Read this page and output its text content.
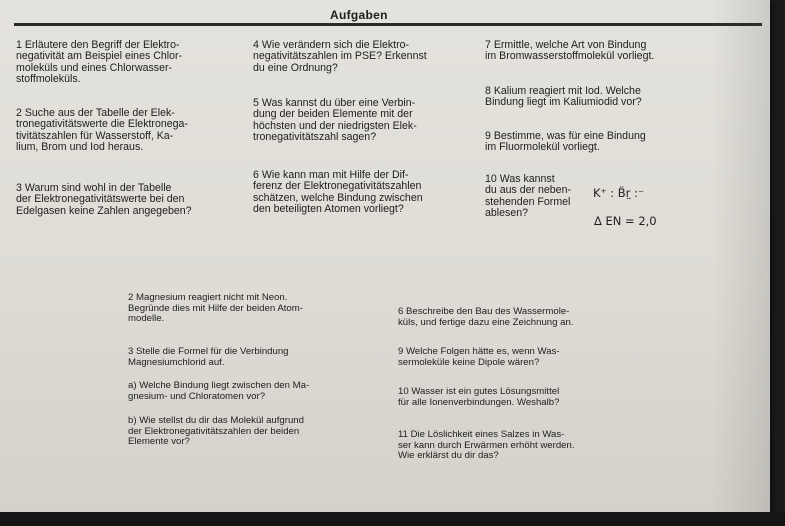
Aufgaben
1 Erläutere den Begriff der Elektro-
negativität am Beispiel eines Chlor-
moleküls und eines Chlorwasser-
stoffmoleküls.
2 Suche aus der Tabelle der Elek-
tronegativitätswerte die Elektronega-
tivitätszahlen für Wasserstoff, Ka-
lium, Brom und Iod heraus.
3 Warum sind wohl in der Tabelle
der Elektronegativitätswerte bei den
Edelgasen keine Zahlen angegeben?
4 Wie verändern sich die Elektro-
negativitätszahlen im PSE? Erkennst
du eine Ordnung?
5 Was kannst du über eine Verbin-
dung der beiden Elemente mit der
höchsten und der niedrigsten Elek-
tronegativitätszahl sagen?
6 Wie kann man mit Hilfe der Dif-
ferenz der Elektronegativitätszahlen
schätzen, welche Bindung zwischen
den beteiligten Atomen vorliegt?
7 Ermittle, welche Art von Bindung
im Bromwasserstoffmolekül vorliegt.
8 Kalium reagiert mit Iod. Welche
Bindung liegt im Kaliumiodid vor?
9 Bestimme, was für eine Bindung
im Fluormolekül vorliegt.
10 Was kannst
du aus der neben-
stehenden Formel
ablesen?
K⁺ : B̈r̤ :⁻
Δ EN = 2,0
2 Magnesium reagiert nicht mit Neon.
Begründe dies mit Hilfe der beiden Atom-
modelle.
3 Stelle die Formel für die Verbindung
Magnesiumchlorid auf.
a) Welche Bindung liegt zwischen den Ma-
gnesium- und Chloratomen vor?
b) Wie stellst du dir das Molekül aufgrund
der Elektronegativitätszahlen der beiden
Elemente vor?
6 Beschreibe den Bau des Wassermole-
küls, und fertige dazu eine Zeichnung an.
9 Welche Folgen hätte es, wenn Was-
sermoleküle keine Dipole wären?
10 Wasser ist ein gutes Lösungsmittel
für alle Ionenverbindungen. Weshalb?
11 Die Löslichkeit eines Salzes in Was-
ser kann durch Erwärmen erhöht werden.
Wie erklärst du dir das?
